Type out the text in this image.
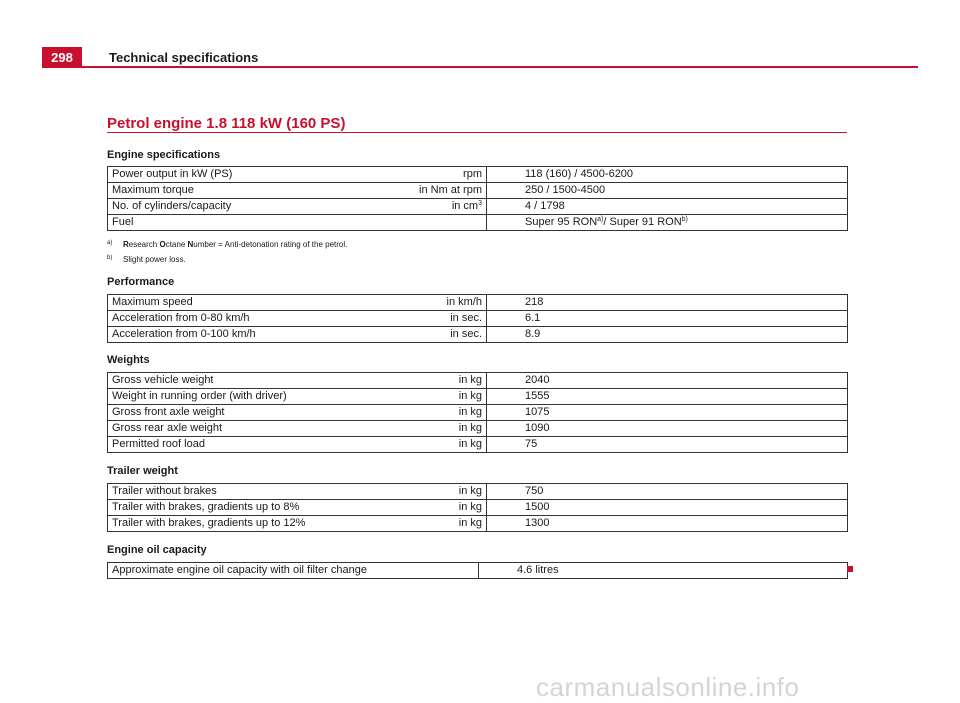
298	Technical specifications
Petrol engine 1.8 118 kW (160 PS)
Engine specifications
Power output in kW (PS)	rpm	118 (160) / 4500-6200
Maximum torque	in Nm at rpm	250 / 1500-4500
No. of cylinders/capacity	in $cm^3$	4 / 1798
Fuel		Super 95 RON$^{a)}$/ Super 91 RON$^{b)}$
a) Research Octane Number = Anti-detonation rating of the petrol.
b) Slight power loss.
Performance
Maximum speed	in km/h	218
Acceleration from 0-80 km/h	in sec.	6.1
Acceleration from 0-100 km/h	in sec.	8.9
Weights
Gross vehicle weight	in kg	2040
Weight in running order (with driver)	in kg	1555
Gross front axle weight	in kg	1075
Gross rear axle weight	in kg	1090
Permitted roof load	in kg	75
Trailer weight
Trailer without brakes	in kg	750
Trailer with brakes, gradients up to 8%	in kg	1500
Trailer with brakes, gradients up to 12%	in kg	1300
Engine oil capacity
Approximate engine oil capacity with oil filter change	4.6 litres
carmanualsonline.info
